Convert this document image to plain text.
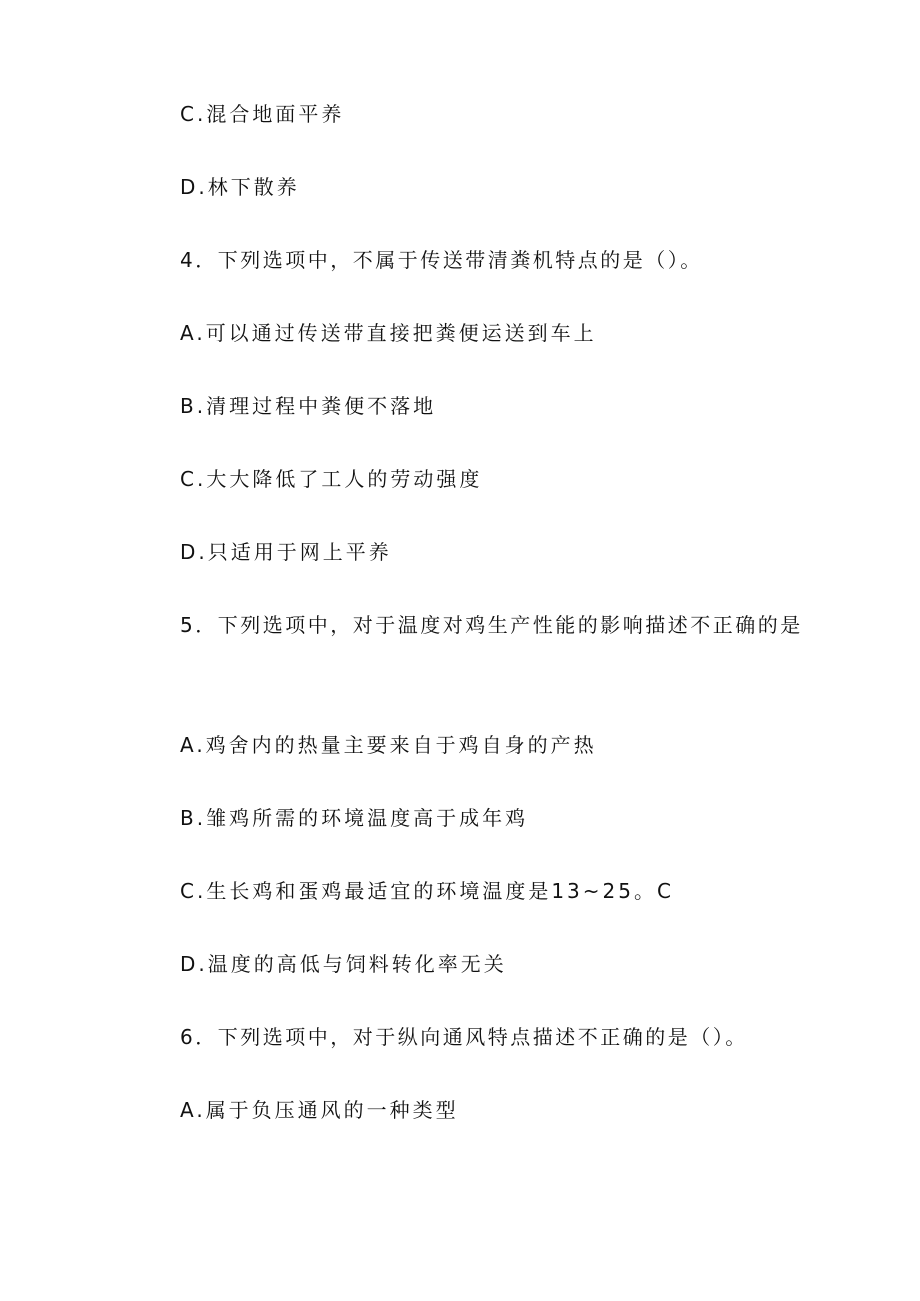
C.混合地面平养
D.林下散养
4．下列选项中，不属于传送带清粪机特点的是（）。
A.可以通过传送带直接把粪便运送到车上
B.清理过程中粪便不落地
C.大大降低了工人的劳动强度
D.只适用于网上平养
5．下列选项中，对于温度对鸡生产性能的影响描述不正确的是
A.鸡舍内的热量主要来自于鸡自身的产热
B.雏鸡所需的环境温度高于成年鸡
C.生长鸡和蛋鸡最适宜的环境温度是13~25。C
D.温度的高低与饲料转化率无关
6．下列选项中，对于纵向通风特点描述不正确的是（）。
A.属于负压通风的一种类型
